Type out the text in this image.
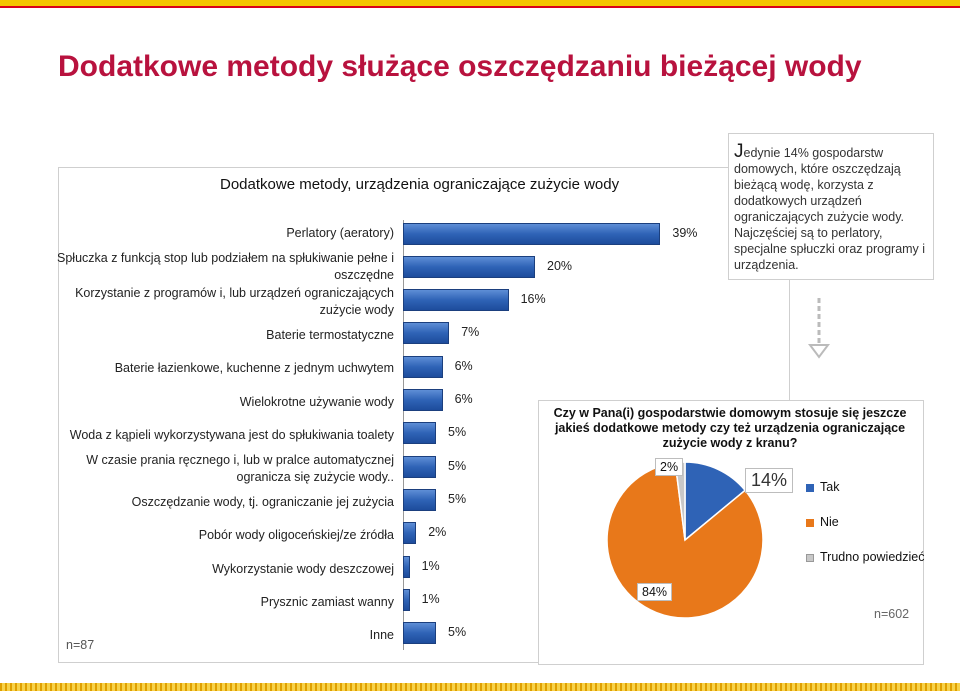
Dodatkowe metody służące oszczędzaniu bieżącej wody
Dodatkowe metody, urządzenia ograniczające zużycie wody
Perlatory (aeratory)
Spłuczka z funkcją stop lub podziałem na spłukiwanie pełne i oszczędne
Korzystanie z programów i, lub urządzeń ograniczających zużycie wody
Baterie termostatyczne
Baterie łazienkowe, kuchenne z jednym uchwytem
Wielokrotne używanie wody
Woda z kąpieli wykorzystywana jest do spłukiwania toalety
W czasie prania ręcznego i, lub w pralce automatycznej ogranicza się zużycie wody..
Oszczędzanie wody, tj. ograniczanie jej zużycia
Pobór wody oligoceńskiej/ze źródła
Wykorzystanie wody deszczowej
Prysznic zamiast wanny
Inne
39%
20%
16%
7%
6%
6%
5%
5%
5%
2%
1%
1%
5%
n=87
Jedynie 14% gospodarstw domowych, które oszczędzają bieżącą wodę, korzysta z dodatkowych urządzeń ograniczających zużycie wody. Najczęściej są to perlatory, specjalne spłuczki oraz programy i urządzenia.
Czy w Pana(i) gospodarstwie domowym stosuje się jeszcze jakieś dodatkowe metody czy też urządzenia ograniczające zużycie wody z kranu?
2%
14%
84%
Tak
Nie
Trudno powiedzieć
n=602
